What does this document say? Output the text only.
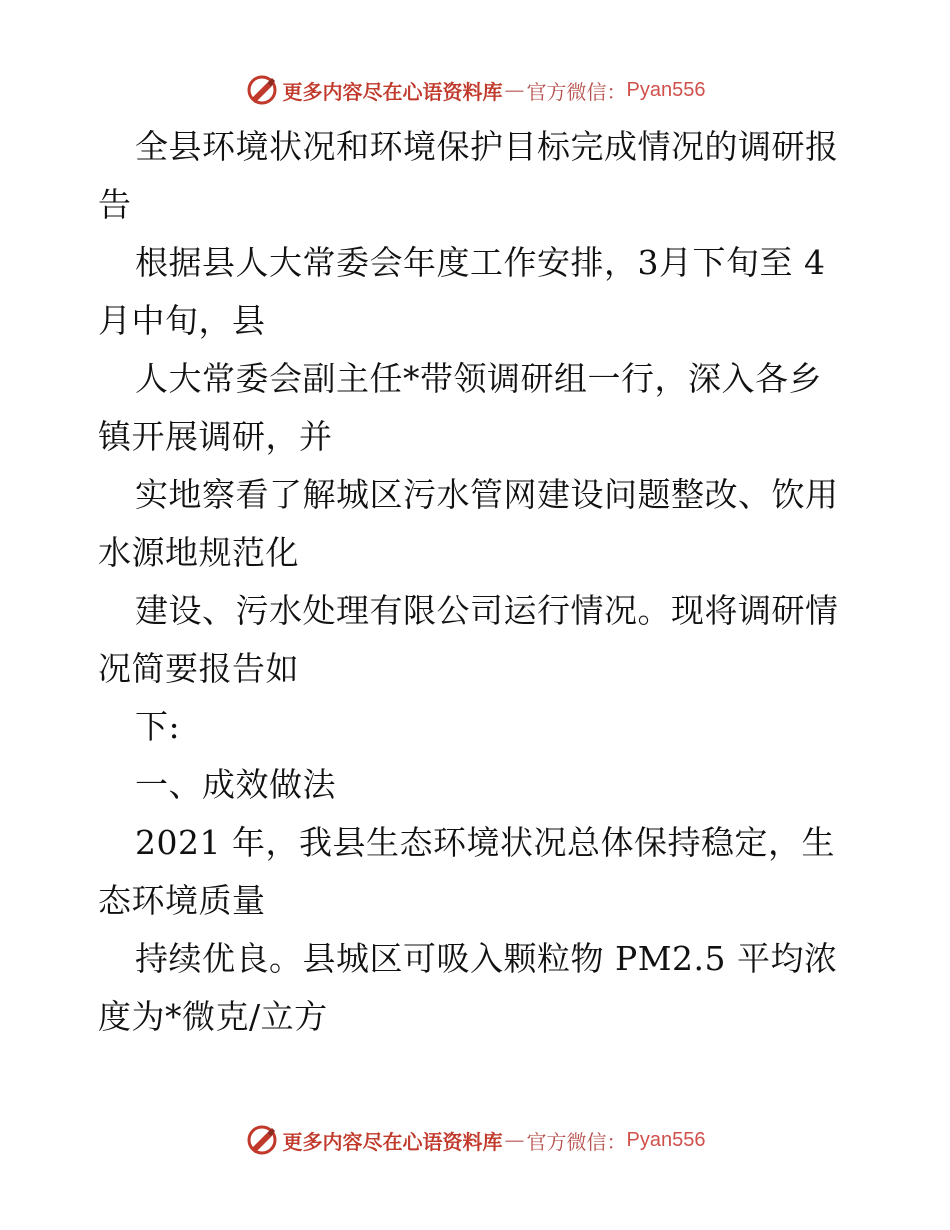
更多内容尽在心语资料库 — 官方微信： Pyan556
全县环境状况和环境保护目标完成情况的调研报
告
根据县人大常委会年度工作安排，3月下旬至 4
月中旬，县
人大常委会副主任*带领调研组一行，深入各乡
镇开展调研，并
实地察看了解城区污水管网建设问题整改、饮用
水源地规范化
建设、污水处理有限公司运行情况。现将调研情
况简要报告如
下:
一、成效做法
2021 年，我县生态环境状况总体保持稳定，生
态环境质量
持续优良。县城区可吸入颗粒物 PM2.5 平均浓
度为*微克/立方
更多内容尽在心语资料库 — 官方微信： Pyan556
